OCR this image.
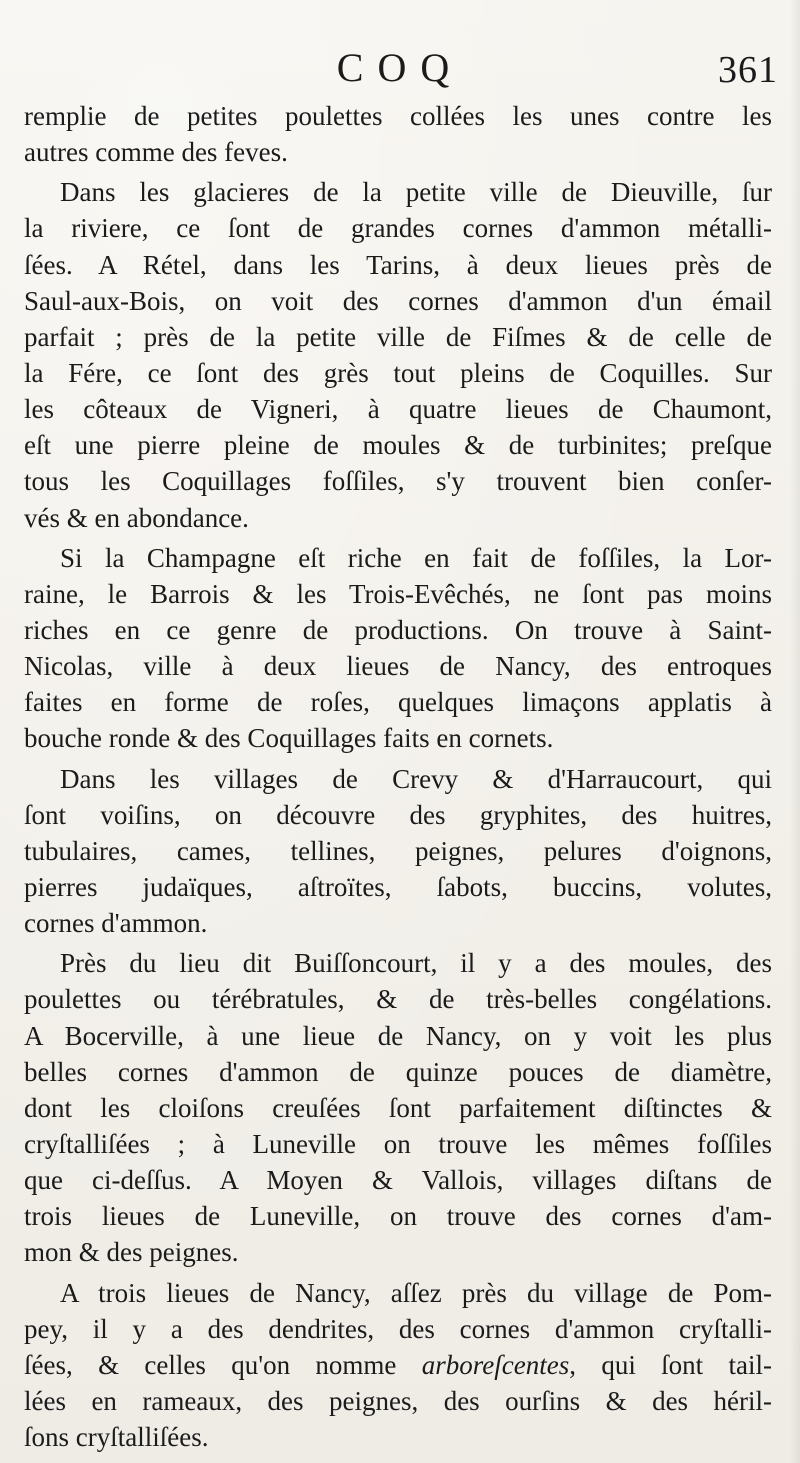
COQ	361
remplie de petites poulettes collées les unes contre les
autres comme des feves.
Dans les glacieres de la petite ville de Dieuville, ſur
la riviere, ce ſont de grandes cornes d'ammon métalli-
ſées. A Rétel, dans les Tarins, à deux lieues près de
Saul-aux-Bois, on voit des cornes d'ammon d'un émail
parfait ; près de la petite ville de Fiſmes & de celle de
la Fére, ce ſont des grès tout pleins de Coquilles. Sur
les côteaux de Vigneri, à quatre lieues de Chaumont,
eſt une pierre pleine de moules & de turbinites; preſque
tous les Coquillages foſſiles, s'y trouvent bien conſer-
vés & en abondance.
Si la Champagne eſt riche en fait de foſſiles, la Lor-
raine, le Barrois & les Trois-Evêchés, ne ſont pas moins
riches en ce genre de productions. On trouve à Saint-
Nicolas, ville à deux lieues de Nancy, des entroques
faites en forme de roſes, quelques limaçons applatis à
bouche ronde & des Coquillages faits en cornets.
Dans les villages de Crevy & d'Harraucourt, qui
ſont voiſins, on découvre des gryphites, des huitres,
tubulaires, cames, tellines, peignes, pelures d'oignons,
pierres judaïques, aſtroïtes, ſabots, buccins, volutes,
cornes d'ammon.
Près du lieu dit Buiſſoncourt, il y a des moules, des
poulettes ou térébratules, & de très-belles congélations.
A Bocerville, à une lieue de Nancy, on y voit les plus
belles cornes d'ammon de quinze pouces de diamètre,
dont les cloiſons creuſées ſont parfaitement diſtinctes &
cryſtalliſées ; à Luneville on trouve les mêmes foſſiles
que ci-deſſus. A Moyen & Vallois, villages diſtans de
trois lieues de Luneville, on trouve des cornes d'am-
mon & des peignes.
A trois lieues de Nancy, aſſez près du village de Pom-
pey, il y a des dendrites, des cornes d'ammon cryſtalli-
ſées, & celles qu'on nomme arboreſcentes, qui ſont tail-
lées en rameaux, des peignes, des ourſins & des héril-
ſons cryſtalliſées.
